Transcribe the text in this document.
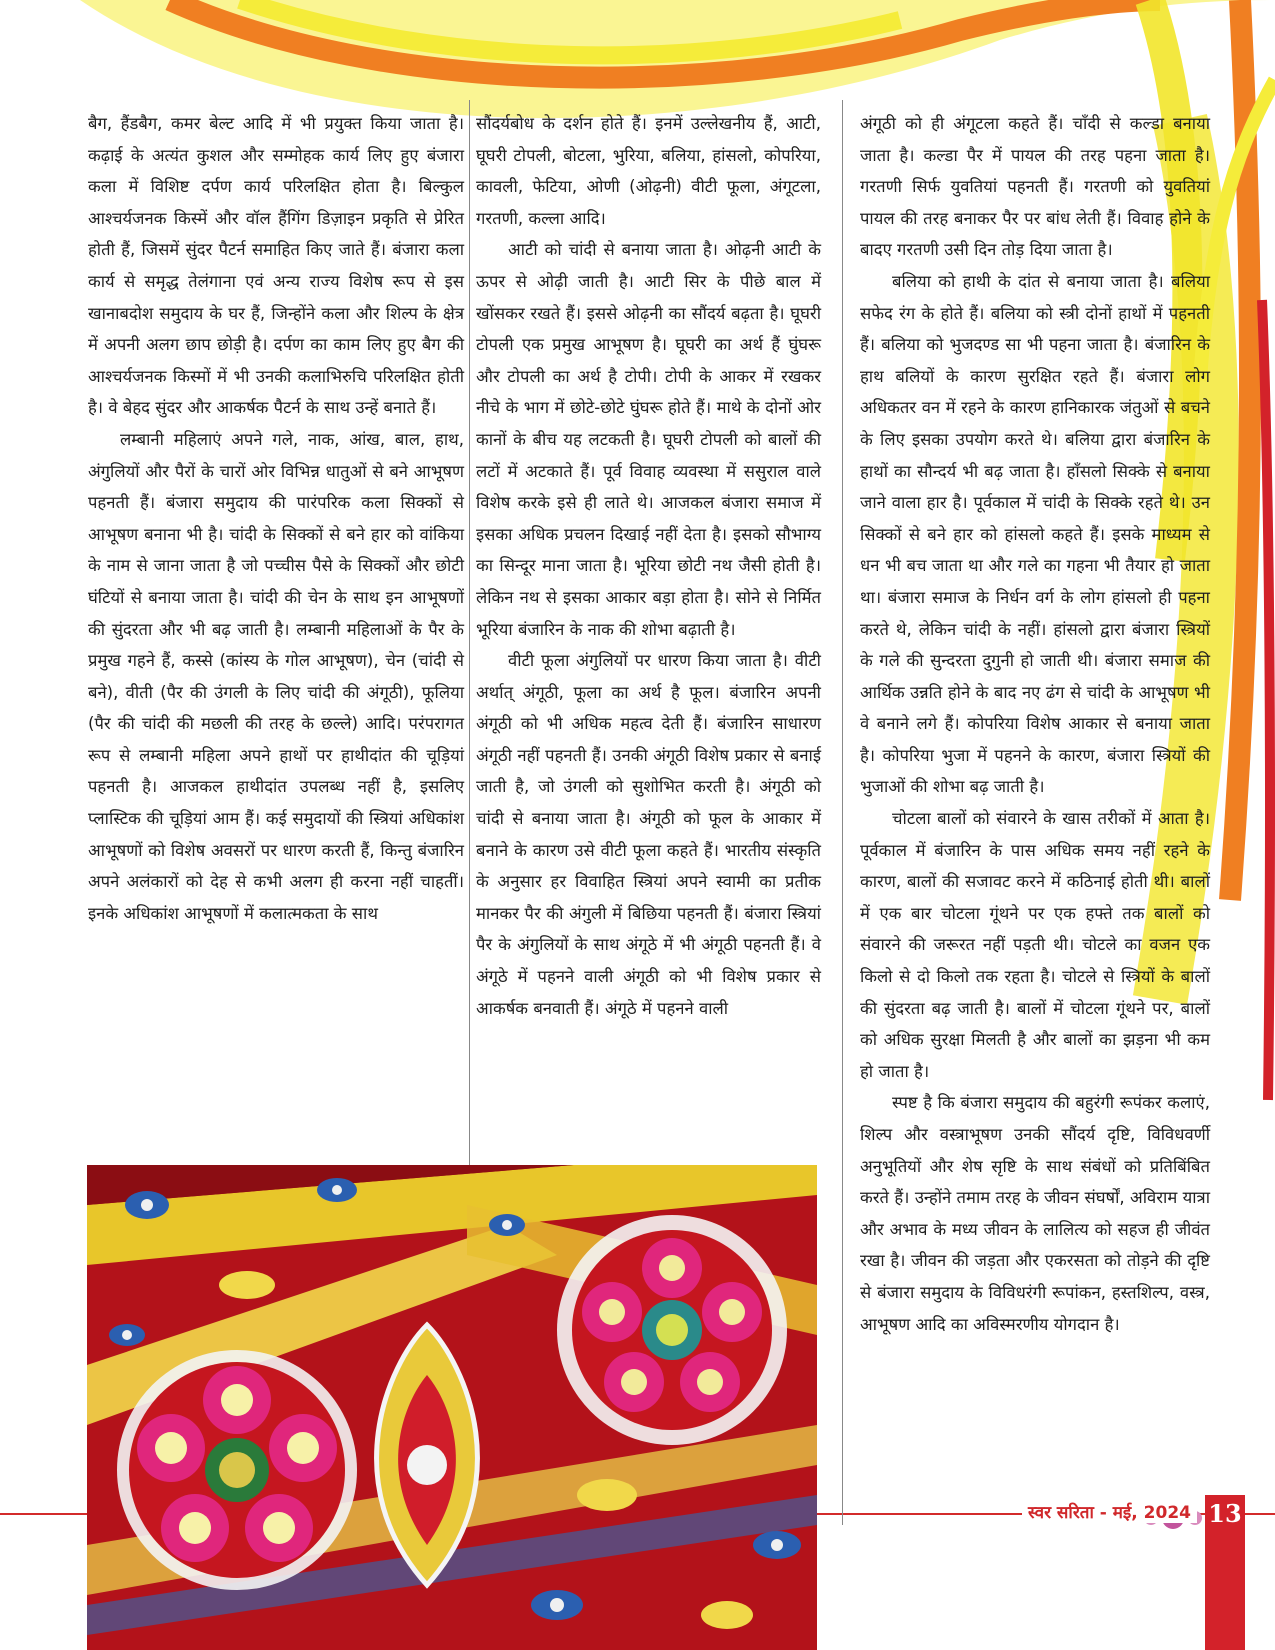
बैग, हैंडबैग, कमर बेल्ट आदि में भी प्रयुक्त किया जाता है। कढ़ाई के अत्यंत कुशल और सम्मोहक कार्य लिए हुए बंजारा कला में विशिष्ट दर्पण कार्य परिलक्षित होता है। बिल्कुल आश्चर्यजनक किस्में और वॉल हैंगिंग डिज़ाइन प्रकृति से प्रेरित होती हैं, जिसमें सुंदर पैटर्न समाहित किए जाते हैं। बंजारा कला कार्य से समृद्ध तेलंगाना एवं अन्य राज्य विशेष रूप से इस खानाबदोश समुदाय के घर हैं, जिन्होंने कला और शिल्प के क्षेत्र में अपनी अलग छाप छोड़ी है। दर्पण का काम लिए हुए बैग की आश्चर्यजनक किस्मों में भी उनकी कलाभिरुचि परिलक्षित होती है। वे बेहद सुंदर और आकर्षक पैटर्न के साथ उन्हें बनाते हैं।

लम्बानी महिलाएं अपने गले, नाक, आंख, बाल, हाथ, अंगुलियों और पैरों के चारों ओर विभिन्न धातुओं से बने आभूषण पहनती हैं। बंजारा समुदाय की पारंपरिक कला सिक्कों से आभूषण बनाना भी है। चांदी के सिक्कों से बने हार को वांकिया के नाम से जाना जाता है जो पच्चीस पैसे के सिक्कों और छोटी घंटियों से बनाया जाता है। चांदी की चेन के साथ इन आभूषणों की सुंदरता और भी बढ़ जाती है। लम्बानी महिलाओं के पैर के प्रमुख गहने हैं, कस्से (कांस्य के गोल आभूषण), चेन (चांदी से बने), वीती (पैर की उंगली के लिए चांदी की अंगूठी), फूलिया (पैर की चांदी की मछली की तरह के छल्ले) आदि। परंपरागत रूप से लम्बानी महिला अपने हाथों पर हाथीदांत की चूड़ियां पहनती है। आजकल हाथीदांत उपलब्ध नहीं है, इसलिए प्लास्टिक की चूड़ियां आम हैं। कई समुदायों की स्त्रियां अधिकांश आभूषणों को विशेष अवसरों पर धारण करती हैं, किन्तु बंजारिन अपने अलंकारों को देह से कभी अलग ही करना नहीं चाहतीं। इनके अधिकांश आभूषणों में कलात्मकता के साथ

सौंदर्यबोध के दर्शन होते हैं। इनमें उल्लेखनीय हैं, आटी, घूघरी टोपली, बोटला, भुरिया, बलिया, हांसलो, कोपरिया, कावली, फेटिया, ओणी (ओढ़नी) वीटी फूला, अंगूटला, गरतणी, कल्ला आदि।

आटी को चांदी से बनाया जाता है। ओढ़नी आटी के ऊपर से ओढ़ी जाती है। आटी सिर के पीछे बाल में खोंसकर रखते हैं। इससे ओढ़नी का सौंदर्य बढ़ता है। घूघरी टोपली एक प्रमुख आभूषण है। घूघरी का अर्थ हैं घुंघरू और टोपली का अर्थ है टोपी। टोपी के आकर में रखकर नीचे के भाग में छोटे-छोटे घुंघरू होते हैं। माथे के दोनों ओर कानों के बीच यह लटकती है। घूघरी टोपली को बालों की लटों में अटकाते हैं। पूर्व विवाह व्यवस्था में ससुराल वाले विशेष करके इसे ही लाते थे। आजकल बंजारा समाज में इसका अधिक प्रचलन दिखाई नहीं देता है। इसको सौभाग्य का सिन्दूर माना जाता है। भूरिया छोटी नथ जैसी होती है। लेकिन नथ से इसका आकार बड़ा होता है। सोने से निर्मित भूरिया बंजारिन के नाक की शोभा बढ़ाती है।

वीटी फूला अंगुलियों पर धारण किया जाता है। वीटी अर्थात् अंगूठी, फूला का अर्थ है फूल। बंजारिन अपनी अंगूठी को भी अधिक महत्व देती हैं। बंजारिन साधारण अंगूठी नहीं पहनती हैं। उनकी अंगूठी विशेष प्रकार से बनाई जाती है, जो उंगली को सुशोभित करती है। अंगूठी को चांदी से बनाया जाता है। अंगूठी को फूल के आकार में बनाने के कारण उसे वीटी फूला कहते हैं। भारतीय संस्कृति के अनुसार हर विवाहित स्त्रियां अपने स्वामी का प्रतीक मानकर पैर की अंगुली में बिछिया पहनती हैं। बंजारा स्त्रियां पैर के अंगुलियों के साथ अंगूठे में भी अंगूठी पहनती हैं। वे अंगूठे में पहनने वाली अंगूठी को भी विशेष प्रकार से आकर्षक बनवाती हैं। अंगूठे में पहनने वाली

अंगूठी को ही अंगूटला कहते हैं। चाँदी से कल्डा बनाया जाता है। कल्डा पैर में पायल की तरह पहना जाता है। गरतणी सिर्फ युवतियां पहनती हैं। गरतणी को युवतियां पायल की तरह बनाकर पैर पर बांध लेती हैं। विवाह होने के बादए गरतणी उसी दिन तोड़ दिया जाता है।

बलिया को हाथी के दांत से बनाया जाता है। बलिया सफेद रंग के होते हैं। बलिया को स्त्री दोनों हाथों में पहनती हैं। बलिया को भुजदण्ड सा भी पहना जाता है। बंजारिन के हाथ बलियों के कारण सुरक्षित रहते हैं। बंजारा लोग अधिकतर वन में रहने के कारण हानिकारक जंतुओं से बचने के लिए इसका उपयोग करते थे। बलिया द्वारा बंजारिन के हाथों का सौन्दर्य भी बढ़ जाता है। हाँसलो सिक्के से बनाया जाने वाला हार है। पूर्वकाल में चांदी के सिक्के रहते थे। उन सिक्कों से बने हार को हांसलो कहते हैं। इसके माध्यम से धन भी बच जाता था और गले का गहना भी तैयार हो जाता था। बंजारा समाज के निर्धन वर्ग के लोग हांसलो ही पहना करते थे, लेकिन चांदी के नहीं। हांसलो द्वारा बंजारा स्त्रियों के गले की सुन्दरता दुगुनी हो जाती थी। बंजारा समाज की आर्थिक उन्नति होने के बाद नए ढंग से चांदी के आभूषण भी वे बनाने लगे हैं। कोपरिया विशेष आकार से बनाया जाता है। कोपरिया भुजा में पहनने के कारण, बंजारा स्त्रियों की भुजाओं की शोभा बढ़ जाती है।

चोटला बालों को संवारने के खास तरीकों में आता है। पूर्वकाल में बंजारिन के पास अधिक समय नहीं रहने के कारण, बालों की सजावट करने में कठिनाई होती थी। बालों में एक बार चोटला गूंथने पर एक हफ्ते तक बालों को संवारने की जरूरत नहीं पड़ती थी। चोटले का वजन एक किलो से दो किलो तक रहता है। चोटले से स्त्रियों के बालों की सुंदरता बढ़ जाती है। बालों में चोटला गूंथने पर, बालों को अधिक सुरक्षा मिलती है और बालों का झड़ना भी कम हो जाता है।

स्पष्ट है कि बंजारा समुदाय की बहुरंगी रूपंकर कलाएं, शिल्प और वस्त्राभूषण उनकी सौंदर्य दृष्टि, विविधवर्णी अनुभूतियों और शेष सृष्टि के साथ संबंधों को प्रतिबिंबित करते हैं। उन्होंने तमाम तरह के जीवन संघर्षों, अविराम यात्रा और अभाव के मध्य जीवन के लालित्य को सहज ही जीवंत रखा है। जीवन की जड़ता और एकरसता को तोड़ने की दृष्टि से बंजारा समुदाय के विविधरंगी रूपांकन, हस्तशिल्प, वस्त्र, आभूषण आदि का अविस्मरणीय योगदान है।

स्वर सरिता - मई, 2024 13
